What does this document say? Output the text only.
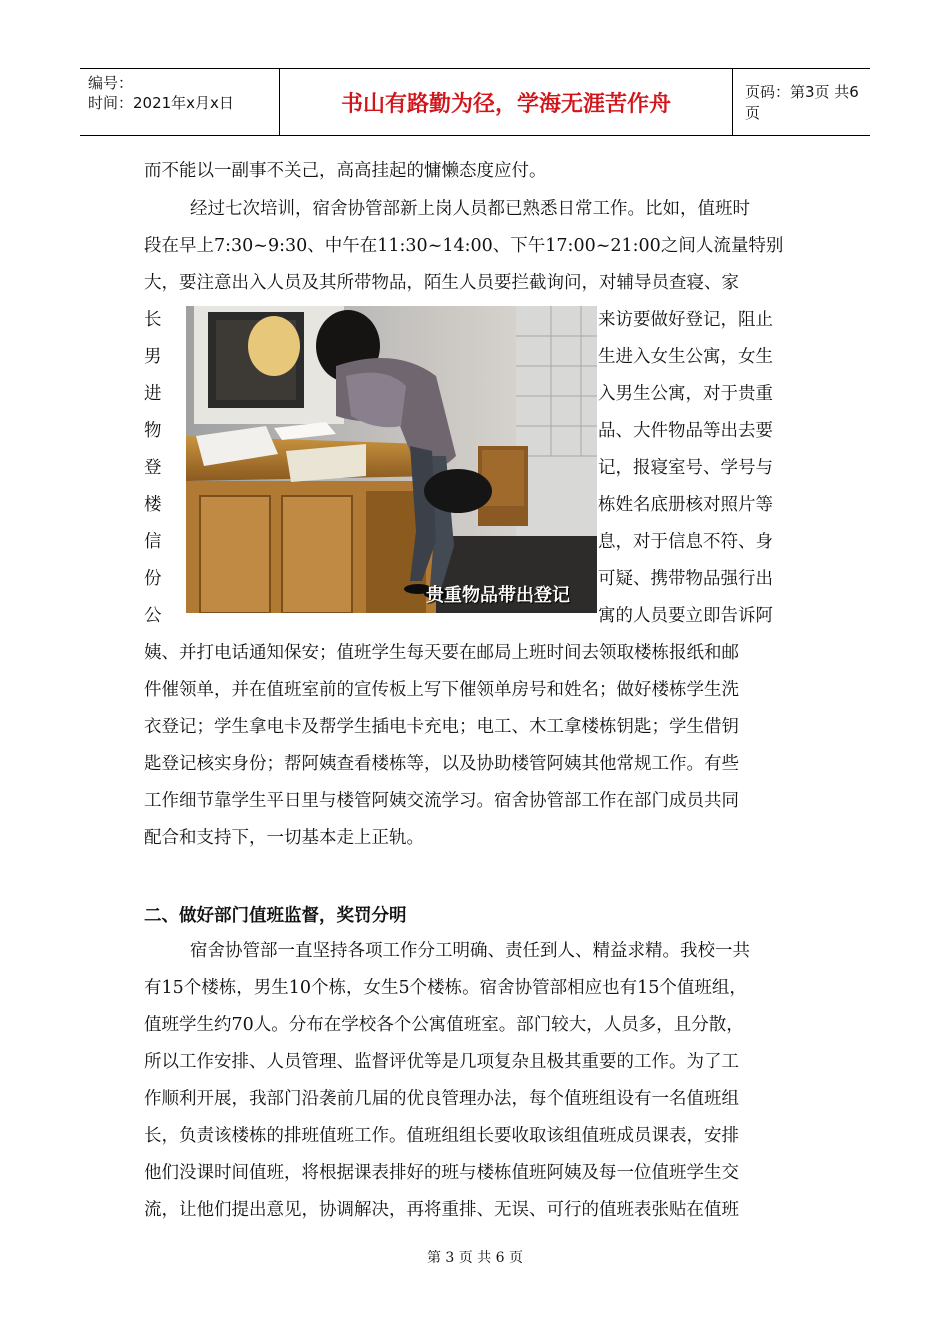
编号：
时间：2021年x月x日	书山有路勤为径，学海无涯苦作舟	页码：第3页 共6页
而不能以一副事不关己，高高挂起的慵懒态度应付。
经过七次培训，宿舍协管部新上岗人员都已熟悉日常工作。比如，值班时
段在早上7:30~9:30、中午在11:30~14:00、下午17:00~21:00之间人流量特别
大，要注意出入人员及其所带物品，陌生人员要拦截询问，对辅导员查寝、家
长
男
进
物
登
楼
信
份
公
来访要做好登记，阻止
生进入女生公寓，女生
入男生公寓，对于贵重
品、大件物品等出去要
记，报寝室号、学号与
栋姓名底册核对照片等
息，对于信息不符、身
可疑、携带物品强行出
寓的人员要立即告诉阿
贵重物品带出登记
姨、并打电话通知保安；值班学生每天要在邮局上班时间去领取楼栋报纸和邮
件催领单，并在值班室前的宣传板上写下催领单房号和姓名；做好楼栋学生洗
衣登记；学生拿电卡及帮学生插电卡充电；电工、木工拿楼栋钥匙；学生借钥
匙登记核实身份；帮阿姨查看楼栋等，以及协助楼管阿姨其他常规工作。有些
工作细节靠学生平日里与楼管阿姨交流学习。宿舍协管部工作在部门成员共同
配合和支持下，一切基本走上正轨。
二、做好部门值班监督，奖罚分明
宿舍协管部一直坚持各项工作分工明确、责任到人、精益求精。我校一共
有15个楼栋，男生10个栋，女生5个楼栋。宿舍协管部相应也有15个值班组，
值班学生约70人。分布在学校各个公寓值班室。部门较大，人员多，且分散，
所以工作安排、人员管理、监督评优等是几项复杂且极其重要的工作。为了工
作顺利开展，我部门沿袭前几届的优良管理办法，每个值班组设有一名值班组
长，负责该楼栋的排班值班工作。值班组组长要收取该组值班成员课表，安排
他们没课时间值班，将根据课表排好的班与楼栋值班阿姨及每一位值班学生交
流，让他们提出意见，协调解决，再将重排、无误、可行的值班表张贴在值班
第 3 页 共 6 页
